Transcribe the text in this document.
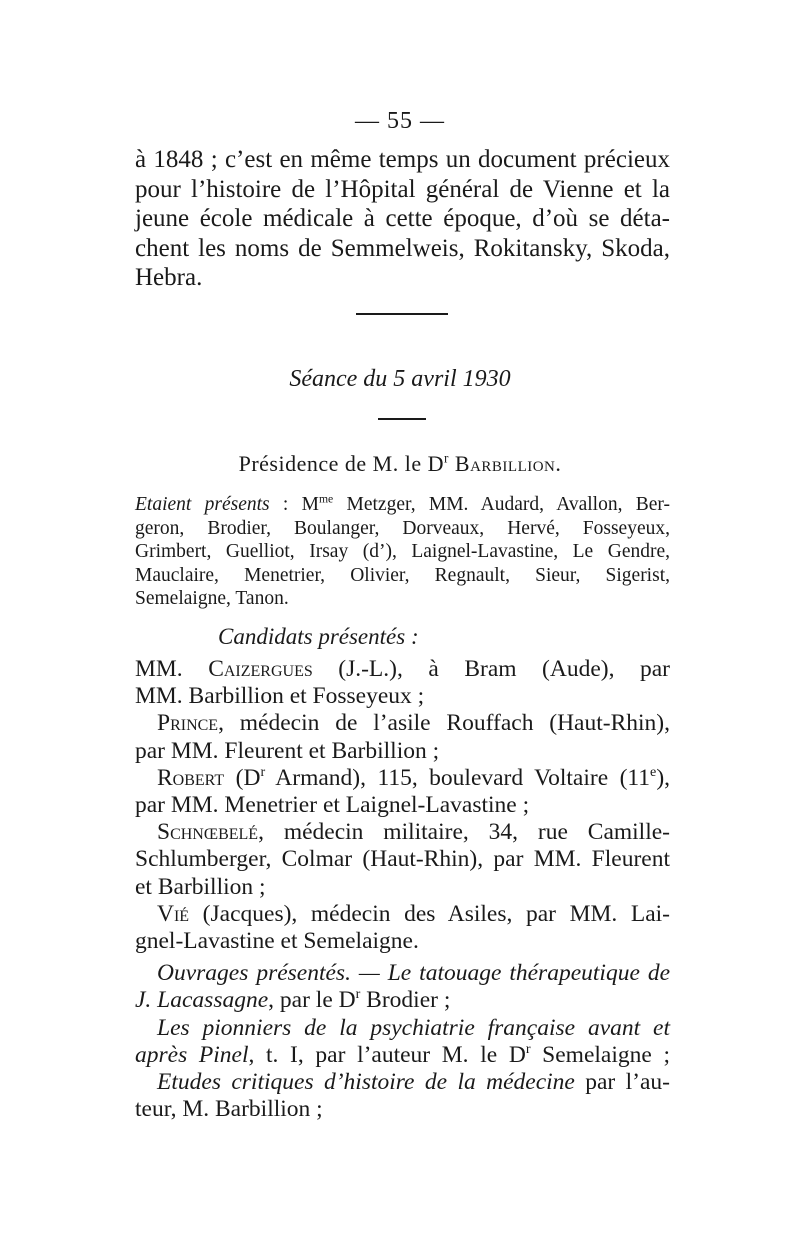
— 55 —
à 1848 ; c’est en même temps un document précieux
pour l’histoire de l’Hôpital général de Vienne et la
jeune école médicale à cette époque, d’où se déta-
chent les noms de Semmelweis, Rokitansky, Skoda,
Hebra.
Séance du 5 avril 1930
Présidence de M. le $D^r$ Barbillion.
Etaient présents : $M^{me}$ Metzger, MM. Audard, Avallon, Ber-
geron, Brodier, Boulanger, Dorveaux, Hervé, Fosseyeux,
Grimbert, Guelliot, Irsay (d’), Laignel-Lavastine, Le Gendre,
Mauclaire, Menetrier, Olivier, Regnault, Sieur, Sigerist,
Semelaigne, Tanon.
Candidats présentés :
MM. Caizergues (J.-L.), à Bram (Aude), par
MM. Barbillion et Fosseyeux ;
Prince, médecin de l’asile Rouffach (Haut-Rhin),
par MM. Fleurent et Barbillion ;
Robert ($D^r$ Armand), 115, boulevard Voltaire (11e),
par MM. Menetrier et Laignel-Lavastine ;
Schnœbelé, médecin militaire, 34, rue Camille-
Schlumberger, Colmar (Haut-Rhin), par MM. Fleurent
et Barbillion ;
Vié (Jacques), médecin des Asiles, par MM. Lai-
gnel-Lavastine et Semelaigne.
Ouvrages présentés. — Le tatouage thérapeutique de
J. Lacassagne, par le $D^r$ Brodier ;
Les pionniers de la psychiatrie française avant et
après Pinel, t. I, par l’auteur M. le $D^r$ Semelaigne ;
Etudes critiques d’histoire de la médecine par l’au-
teur, M. Barbillion ;
